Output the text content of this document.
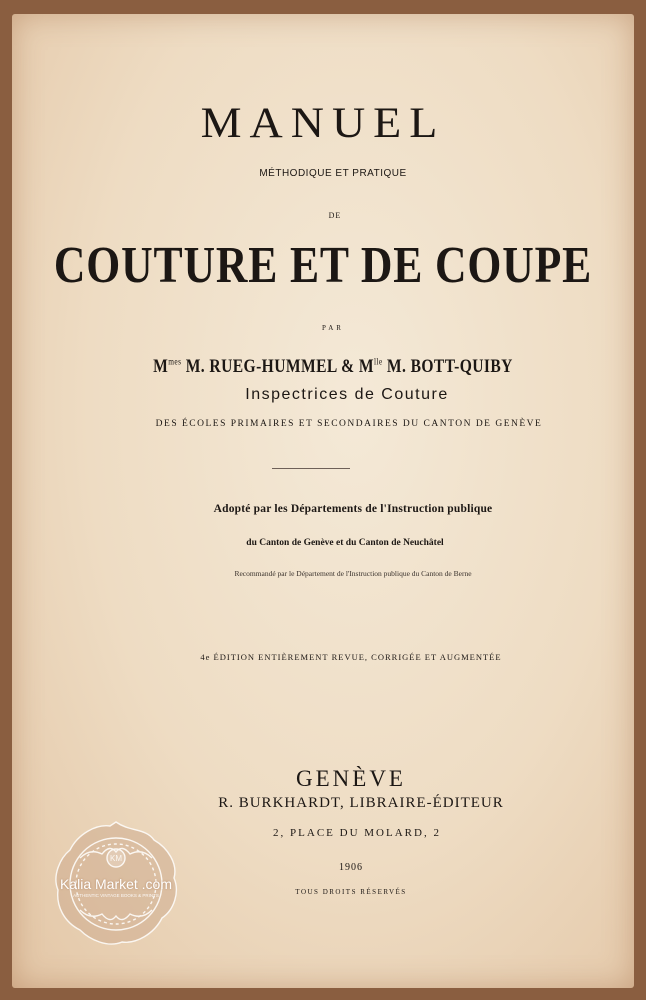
MANUEL
MÉTHODIQUE ET PRATIQUE
DE
COUTURE ET DE COUPE
PAR
$M^{mes}$ M. RUEG-HUMMEL & $M^{lle}$ M. BOTT-QUIBY
Inspectrices de Couture
DES ÉCOLES PRIMAIRES ET SECONDAIRES DU CANTON DE GENÈVE
Adopté par les Départements de l'Instruction publique
du Canton de Genève et du Canton de Neuchâtel
Recommandé par le Département de l'Instruction publique du Canton de Berne
4e ÉDITION ENTIÈREMENT REVUE, CORRIGÉE ET AUGMENTÉE
GENÈVE
R. BURKHARDT, LIBRAIRE-ÉDITEUR
2, PLACE DU MOLARD, 2
1906
TOUS DROITS RÉSERVÉS
KM
Kalia Market .com
AUTHENTIC VINTAGE BOOKS & PRINTS
